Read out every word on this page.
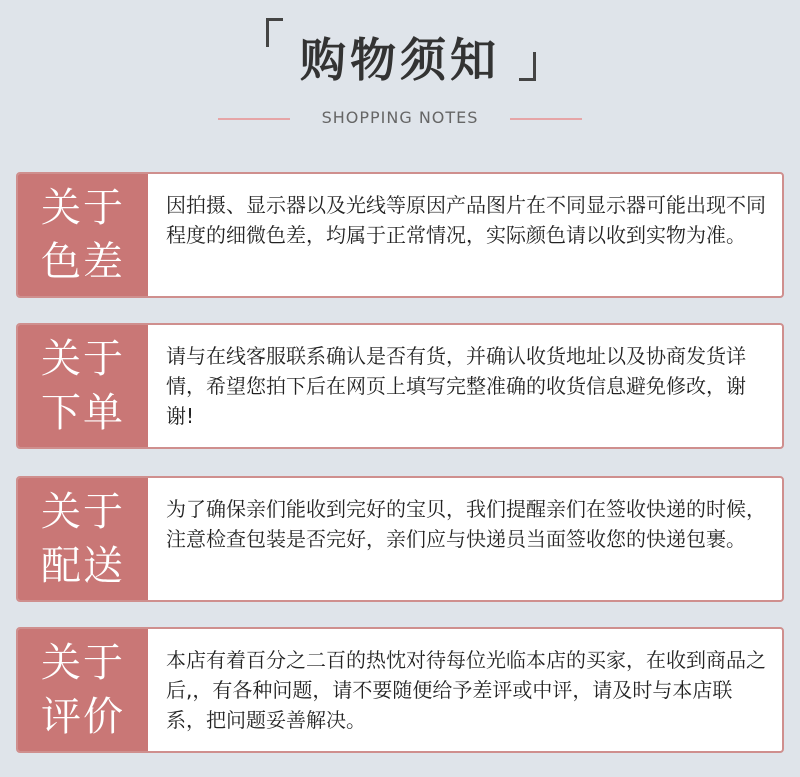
购物须知
SHOPPING NOTES
关于
色差
因拍摄、显示器以及光线等原因产品图片在不同显示器可能出现不同程度的细微色差，均属于正常情况，实际颜色请以收到实物为准。
关于
下单
请与在线客服联系确认是否有货，并确认收货地址以及协商发货详情，希望您拍下后在网页上填写完整准确的收货信息避免修改，谢谢!
关于
配送
为了确保亲们能收到完好的宝贝，我们提醒亲们在签收快递的时候，注意检查包装是否完好，亲们应与快递员当面签收您的快递包裹。
关于
评价
本店有着百分之二百的热忱对待每位光临本店的买家，在收到商品之后,，有各种问题，请不要随便给予差评或中评，请及时与本店联系，把问题妥善解决。
